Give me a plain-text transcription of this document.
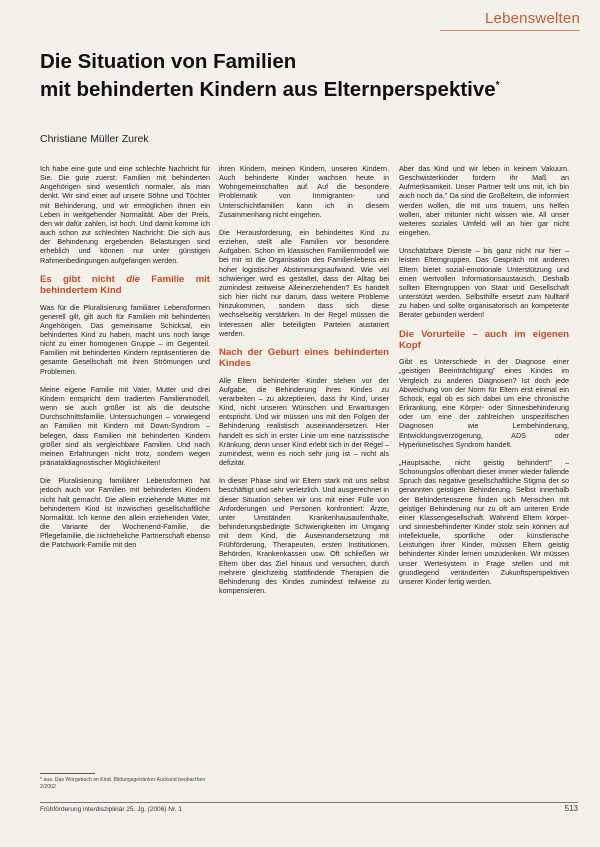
Lebenswelten
Die Situation von Familien
mit behinderten Kindern aus Elternperspektive*
Christiane Müller Zurek

Ich habe eine gute und eine schlechte Nachricht für Sie. Die gute zuerst: Familien mit behinderten Angehörigen sind wesentlich normaler, als man denkt. Wir sind einer auf unsere Söhne und Töchter mit Behinderung, und wir ermöglichen ihnen ein Leben in weitgehender Normalität. Aber der Preis, den wir dafür zahlen, ist hoch. Und damit komme ich auch schon zur schlechten Nachricht: Die sich aus der Behinderung ergebenden Belastungen sind erheblich und können nur unter günstigen Rahmenbedingungen aufgefangen werden.

Es gibt nicht die Familie mit behindertem Kind

Was für die Pluralisierung familiärer Lebensformen generell gilt, gilt auch für Familien mit behinderten Angehörigen. Das gemeinsame Schicksal, ein behindertes Kind zu haben, macht uns noch lange nicht zu einer homogenen Gruppe – im Gegenteil. Familien mit behinderten Kindern repräsentieren die gesamte Gesellschaft mit ihren Strömungen und Problemen.

Meine eigene Familie mit Vater, Mutter und drei Kindern entspricht dem tradierten Familienmodell, wenn sie auch größer ist als die deutsche Durchschnittsfamilie. Untersuchungen – vorwiegend an Familien mit Kindern mit Down-Syndrom – belegen, dass Familien mit behinderten Kindern größer sind als vergleichbare Familien. Und nach meinen Erfahrungen nicht trotz, sondern wegen pränataldiagnostischer Möglichkeiten!

Die Pluralisierung familiärer Lebensformen hat jedoch auch vor Familien mit behinderten Kindern nicht halt gemacht. Die allein erziehende Mutter mit behindertem Kind ist inzwischen gesellschaftliche Normalität. Ich kenne den allein erziehenden Vater, die Variante der Wochenend-Familie, die Pflegefamilie, die nichteheliche Partnerschaft ebenso die Patchwork-Familie mit den

ihren Kindern, meinen Kindern, unseren Kindern. Auch behinderte Kinder wachsen heute in Wohngemeinschaften auf. Auf die besondere Problematik von Immigranten- und Unterschichtfamilien kann ich in diesem Zusammenhang nicht eingehen.

Die Herausforderung, ein behindertes Kind zu erziehen, stellt alle Familien vor besondere Aufgaben. Schon im klassischen Familienmodell wie bei mir ist die Organisation des Familienlebens ein hoher logistischer Abstimmungsaufwand. Wie viel schwieriger wird es gestaltet, dass der Alltag bei zumindest zeitweise Alleinerziehenden? Es handelt sich hier nicht nur darum, dass weitere Probleme hinzukommen, sondern dass sich diese wechselseitig verstärken. In der Regel müssen die Interessen aller beteiligten Parteien austariert werden.

Nach der Geburt eines behinderten Kindes

Alle Eltern behinderter Kinder stehen vor der Aufgabe, die Behinderung ihres Kindes zu verarbeiten – zu akzeptieren, dass ihr Kind, unser Kind, nicht unseren Wünschen und Erwartungen entspricht. Und wir müssen uns mit den Folgen der Behinderung realistisch auseinandersetzen. Hier handelt es sich in erster Linie um eine narzisstische Kränkung, denn unser Kind erlebt sich in der Regel – zumindest, wenn es noch sehr jung ist – nicht als defizitär.

In dieser Phase sind wir Eltern stark mit uns selbst beschäftigt und sehr verletzlich. Und ausgerechnet in dieser Situation sehen wir uns mit einer Fülle von Anforderungen und Personen konfrontiert: Ärzte, unter Umständen Krankenhausaufenthalte, behinderungsbedingte Schwierigkeiten im Umgang mit dem Kind, die Auseinandersetzung mit Frühförderung, Therapeuten, ersten Institutionen, Behörden, Krankenkassen usw. Oft schließen wir Eltern über das Ziel hinaus und versuchen, durch mehrere gleichzeitig stattfindende Therapien die Behinderung des Kindes zumindest teilweise zu kompensieren.

Aber das Kind und wir leben in keinem Vakuum. Geschwisterkinder fordern ihr Maß an Aufmerksamkeit. Unser Partner teilt uns mit, ich bin auch noch da." Da sind die Großeltern, die informiert werden wollen, die mit uns trauern, uns helfen wollen, aber mitunter nicht wissen wie. All unser weiteres soziales Umfeld will an hier gar nicht eingehen.

Unschätzbare Dienste – bis ganz nicht nur hier – leisten Elterngruppen. Das Gespräch mit anderen Eltern bietet sozial-emotionale Unterstützung und einen wertvollen Informationsaustausch. Deshalb sollten Elterngruppen von Staat und Gesellschaft unterstützt werden. Selbsthilfe ersetzt zum Nulltarif zu haben und sollte organisatorisch an kompetente Berater gebunden werden!

Die Vorurteile – auch im eigenen Kopf

Gibt es Unterschiede in der Diagnose einer „geistigen Beeinträchtigung" eines Kindes im Vergleich zu anderen Diagnosen? Ist doch jede Abweichung von der Norm für Eltern erst einmal ein Schock, egal ob es sich dabei um eine chronische Erkrankung, eine Körper- oder Sinnesbehinderung oder um eine der zahlreichen unspezifischen Diagnosen wie Lernbehinderung, Entwicklungsverzögerung, ADS oder Hyperkinetisches Syndrom handelt.

„Hauptsache, nicht geistig behindert!" – Schonungslos offenbart dieser immer wieder fallende Spruch das negative gesellschaftliche Stigma der so genannten geistigen Behinderung. Selbst innerhalb der Behindertenszene finden sich Menschen mit geistiger Behinderung nur zu oft am unteren Ende einer Klassengesellschaft. Während Eltern körper- und sinnesbehinderter Kinder stolz sein können auf intellektuelle, sportliche oder künstlerische Leistungen ihrer Kinder, müssen Eltern geistig behinderter Kinder lernen umzudenken. Wir müssen unser Wertesystem in Frage stellen und mit grundlegend veränderten Zukunftsperspektiven unserer Kinder fertig werden.

* aus: Das Wörgebuch im Kind. Bildungsgetränker Auckand beobacthen 2/2002
Frühförderung interdisziplinär 25. Jg. (2006) Nr. 1	513
